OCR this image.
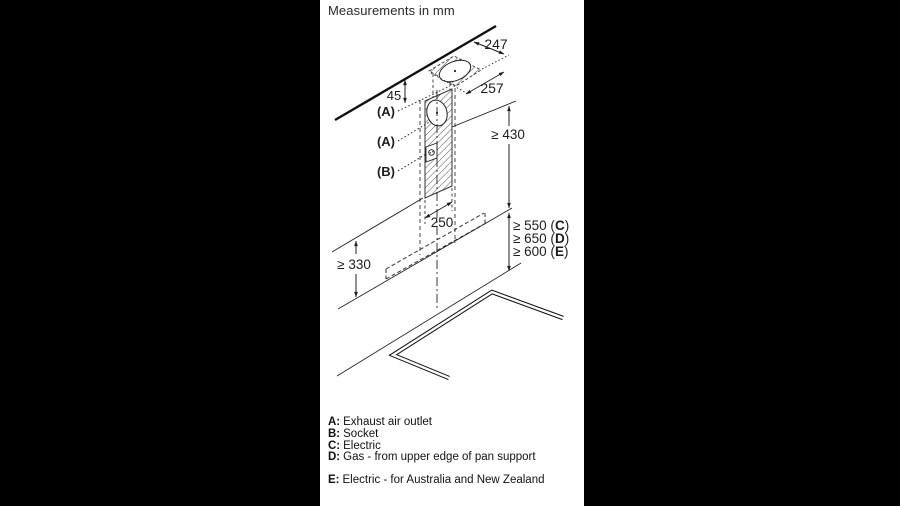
Measurements in mm
247
257
45
250
≥ 330
≥ 430
≥ 550 (C)
≥ 650 (D)
≥ 600 (E)
(A)
(A)
(B)
A: Exhaust air outlet
B: Socket
C: Electric
D: Gas - from upper edge of pan support
E: Electric - for Australia and New Zealand
